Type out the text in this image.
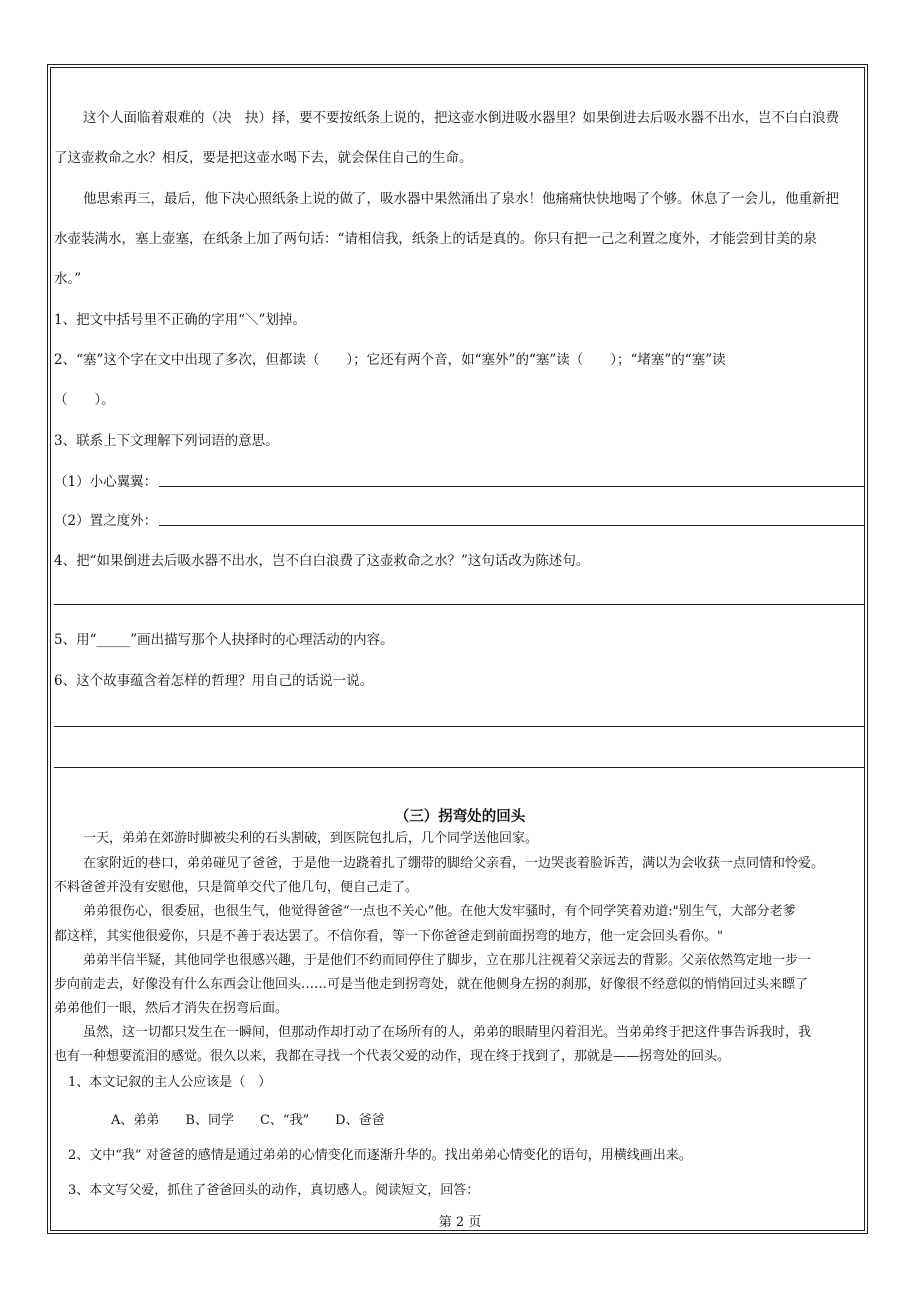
这个人面临着艰难的（决　抉）择，要不要按纸条上说的，把这壶水倒进吸水器里？如果倒进去后吸水器不出水，岂不白白浪费
了这壶救命之水？相反，要是把这壶水喝下去，就会保住自己的生命。
他思索再三，最后，他下决心照纸条上说的做了，吸水器中果然涌出了泉水！他痛痛快快地喝了个够。休息了一会儿，他重新把
水壶装满水，塞上壶塞，在纸条上加了两句话：“请相信我，纸条上的话是真的。你只有把一己之利置之度外，才能尝到甘美的泉
水。”
1、把文中括号里不正确的字用“＼”划掉。
2、“塞”这个字在文中出现了多次，但都读（　　）；它还有两个音，如“塞外”的“塞”读（　　）；“堵塞”的“塞”读
（　　）。
3、联系上下文理解下列词语的意思。
（1）小心翼翼：
（2）置之度外：
4、把“如果倒进去后吸水器不出水，岂不白白浪费了这壶救命之水？”这句话改为陈述句。
5、用“_____”画出描写那个人抉择时的心理活动的内容。
6、这个故事蕴含着怎样的哲理？用自己的话说一说。
（三）拐弯处的回头
一天，弟弟在郊游时脚被尖利的石头割破，到医院包扎后，几个同学送他回家。
在家附近的巷口，弟弟碰见了爸爸，于是他一边跷着扎了绷带的脚给父亲看，一边哭丧着脸诉苦，满以为会收获一点同情和怜爱。
不料爸爸并没有安慰他，只是简单交代了他几句，便自己走了。
弟弟很伤心，很委屈，也很生气，他觉得爸爸“一点也不关心”他。在他大发牢骚时，有个同学笑着劝道:"别生气，大部分老爹
都这样，其实他很爱你，只是不善于表达罢了。不信你看，等一下你爸爸走到前面拐弯的地方，他一定会回头看你。"
弟弟半信半疑，其他同学也很感兴趣，于是他们不约而同停住了脚步，立在那儿注视着父亲远去的背影。父亲依然笃定地一步一
步向前走去，好像没有什么东西会让他回头……可是当他走到拐弯处，就在他侧身左拐的刹那，好像很不经意似的悄悄回过头来瞟了
弟弟他们一眼，然后才消失在拐弯后面。
虽然，这一切都只发生在一瞬间，但那动作却打动了在场所有的人，弟弟的眼睛里闪着泪光。当弟弟终于把这件事告诉我时，我
也有一种想要流泪的感觉。很久以来，我都在寻找一个代表父爱的动作，现在终于找到了，那就是——拐弯处的回头。
1、本文记叙的主人公应该是（　）
A、弟弟　　B、同学　　C、“我”　　D、爸爸
2、文中“我” 对爸爸的感情是通过弟弟的心情变化而逐渐升华的。找出弟弟心情变化的语句，用横线画出来。
3、本文写父爱，抓住了爸爸回头的动作，真切感人。阅读短文，回答：
第 2 页
